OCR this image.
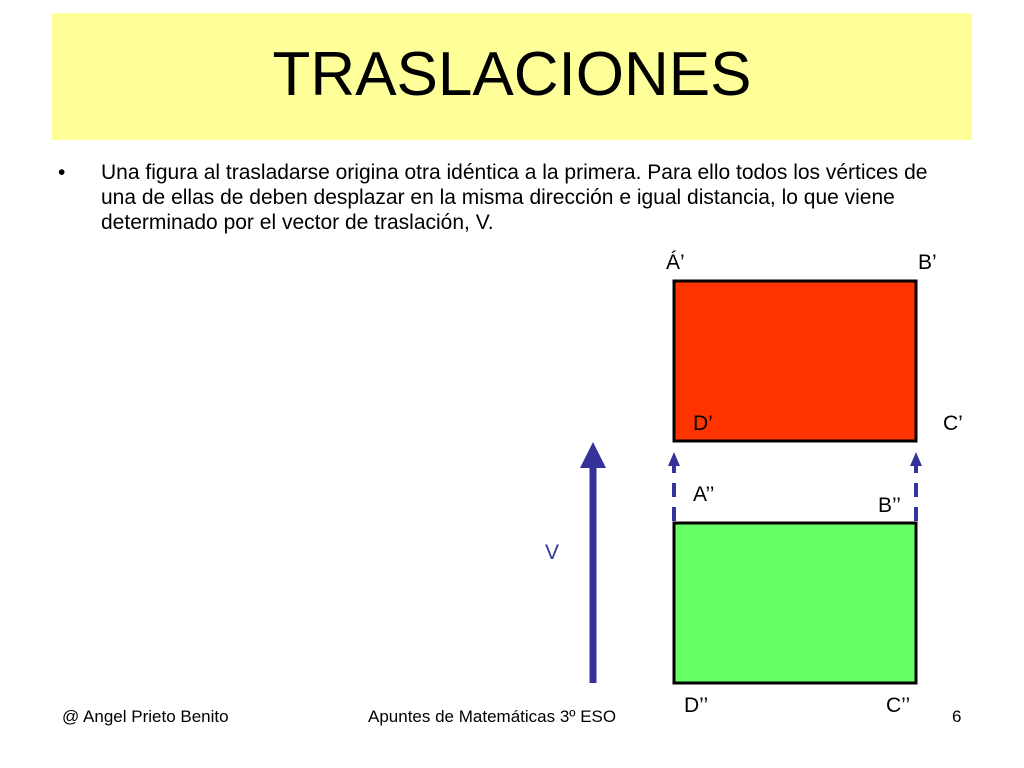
TRASLACIONES
• Una figura al trasladarse origina otra idéntica a la primera. Para ello todos los vértices de una de ellas de deben desplazar en la misma dirección e igual distancia, lo que viene determinado por el vector de traslación, V.
Á’	B’
D’	C’
A’’	B’’
D’’	C’’
V
@ Angel Prieto Benito	Apuntes de Matemáticas 3º ESO	6
